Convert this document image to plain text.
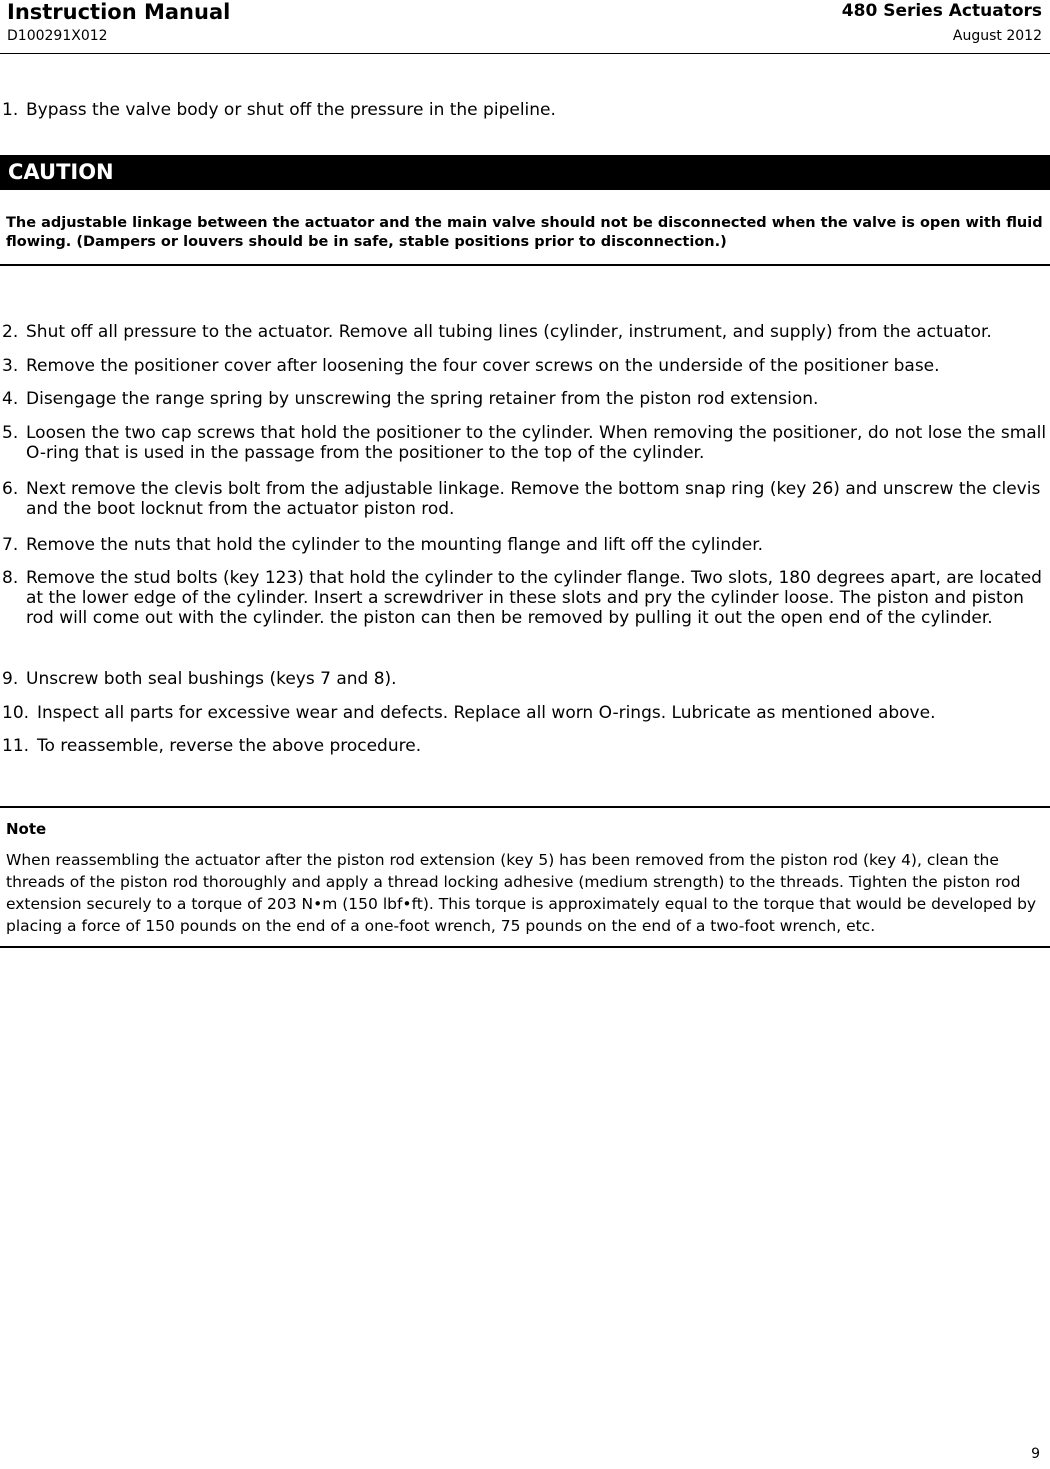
Instruction Manual
D100291X012
480 Series Actuators
August 2012
1. Bypass the valve body or shut off the pressure in the pipeline.
CAUTION
The adjustable linkage between the actuator and the main valve should not be disconnected when the valve is open with fluid flowing. (Dampers or louvers should be in safe, stable positions prior to disconnection.)
2. Shut off all pressure to the actuator. Remove all tubing lines (cylinder, instrument, and supply) from the actuator.
3. Remove the positioner cover after loosening the four cover screws on the underside of the positioner base.
4. Disengage the range spring by unscrewing the spring retainer from the piston rod extension.
5. Loosen the two cap screws that hold the positioner to the cylinder. When removing the positioner, do not lose the small O-ring that is used in the passage from the positioner to the top of the cylinder.
6. Next remove the clevis bolt from the adjustable linkage. Remove the bottom snap ring (key 26) and unscrew the clevis and the boot locknut from the actuator piston rod.
7. Remove the nuts that hold the cylinder to the mounting flange and lift off the cylinder.
8. Remove the stud bolts (key 123) that hold the cylinder to the cylinder flange. Two slots, 180 degrees apart, are located at the lower edge of the cylinder. Insert a screwdriver in these slots and pry the cylinder loose. The piston and piston rod will come out with the cylinder. the piston can then be removed by pulling it out the open end of the cylinder.
9. Unscrew both seal bushings (keys 7 and 8).
10. Inspect all parts for excessive wear and defects. Replace all worn O-rings. Lubricate as mentioned above.
11. To reassemble, reverse the above procedure.
Note
When reassembling the actuator after the piston rod extension (key 5) has been removed from the piston rod (key 4), clean the threads of the piston rod thoroughly and apply a thread locking adhesive (medium strength) to the threads. Tighten the piston rod extension securely to a torque of 203 N•m (150 lbf•ft). This torque is approximately equal to the torque that would be developed by placing a force of 150 pounds on the end of a one-foot wrench, 75 pounds on the end of a two-foot wrench, etc.
9
